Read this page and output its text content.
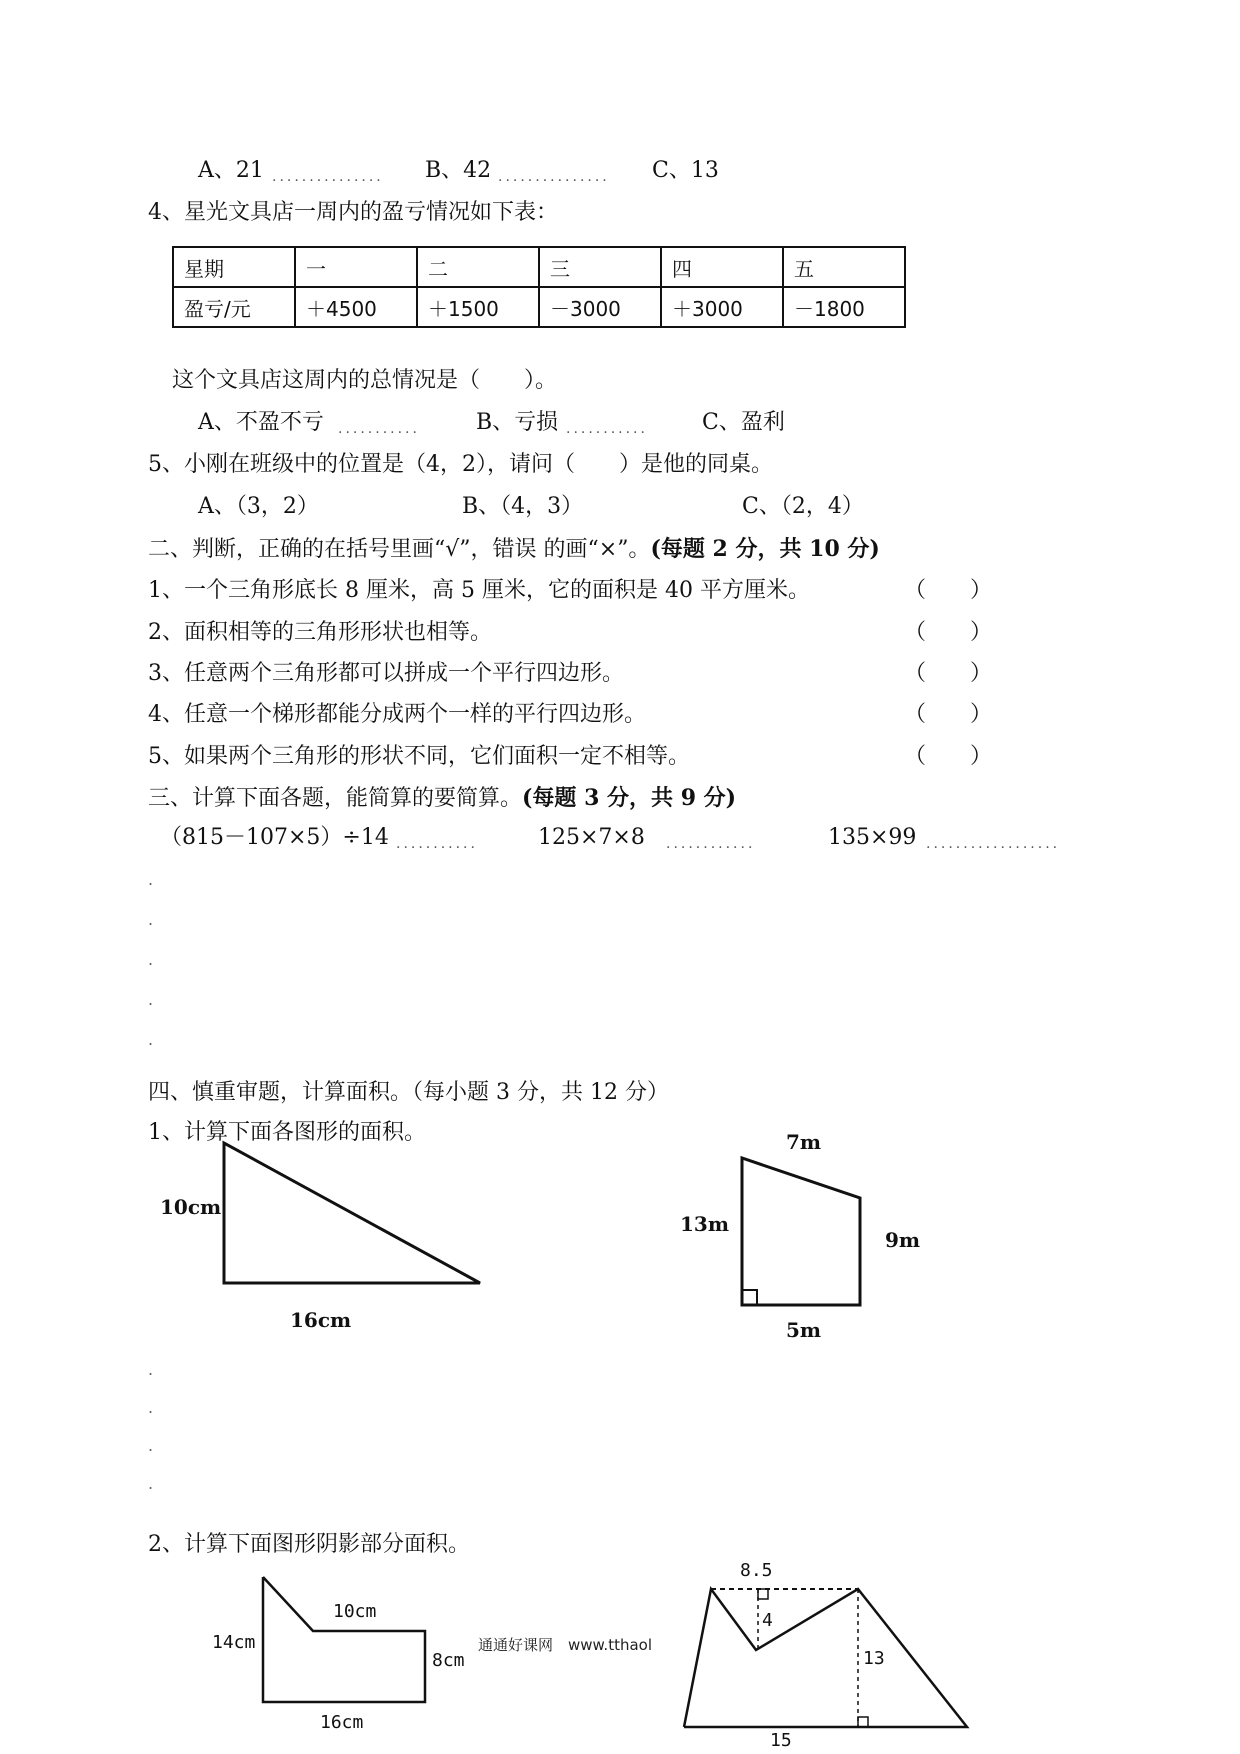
A、21 ............... B、42 ............... C、13
4、星光文具店一周内的盈亏情况如下表：
星期	一	二	三	四	五
盈亏/元	＋4500	＋1500	－3000	＋3000	－1800
这个文具店这周内的总情况是（　　）。
A、不盈不亏 ...........	B、亏损 ........... C、盈利
5、小刚在班级中的位置是（4，2），请问（　　）是他的同桌。
A、（3，2）	B、（4，3）	C、（2，4）
二、判断，正确的在括号里画“√”，错误 的画“×”。(每题 2 分，共 10 分)
1、一个三角形底长 8 厘米，高 5 厘米，它的面积是 40 平方厘米。	（　　）
2、面积相等的三角形形状也相等。	（　　）
3、任意两个三角形都可以拼成一个平行四边形。	（　　）
4、任意一个梯形都能分成两个一样的平行四边形。	（　　）
5、如果两个三角形的形状不同，它们面积一定不相等。	（　　）
三、计算下面各题，能简算的要简算。(每题 3 分，共 9 分)
（815－107×5）÷14 ...........	125×7×8 ............	135×99 ..................
.
.
.
.
.
四、慎重审题，计算面积。（每小题 3 分，共 12 分）
1、计算下面各图形的面积。
10cm
16cm
7m
13m
9m
5m
.
.
.
.
2、计算下面图形阴影部分面积。
10cm
14cm
8cm
16cm
8.5
4
13
15
通通好课网　www.tthaol
